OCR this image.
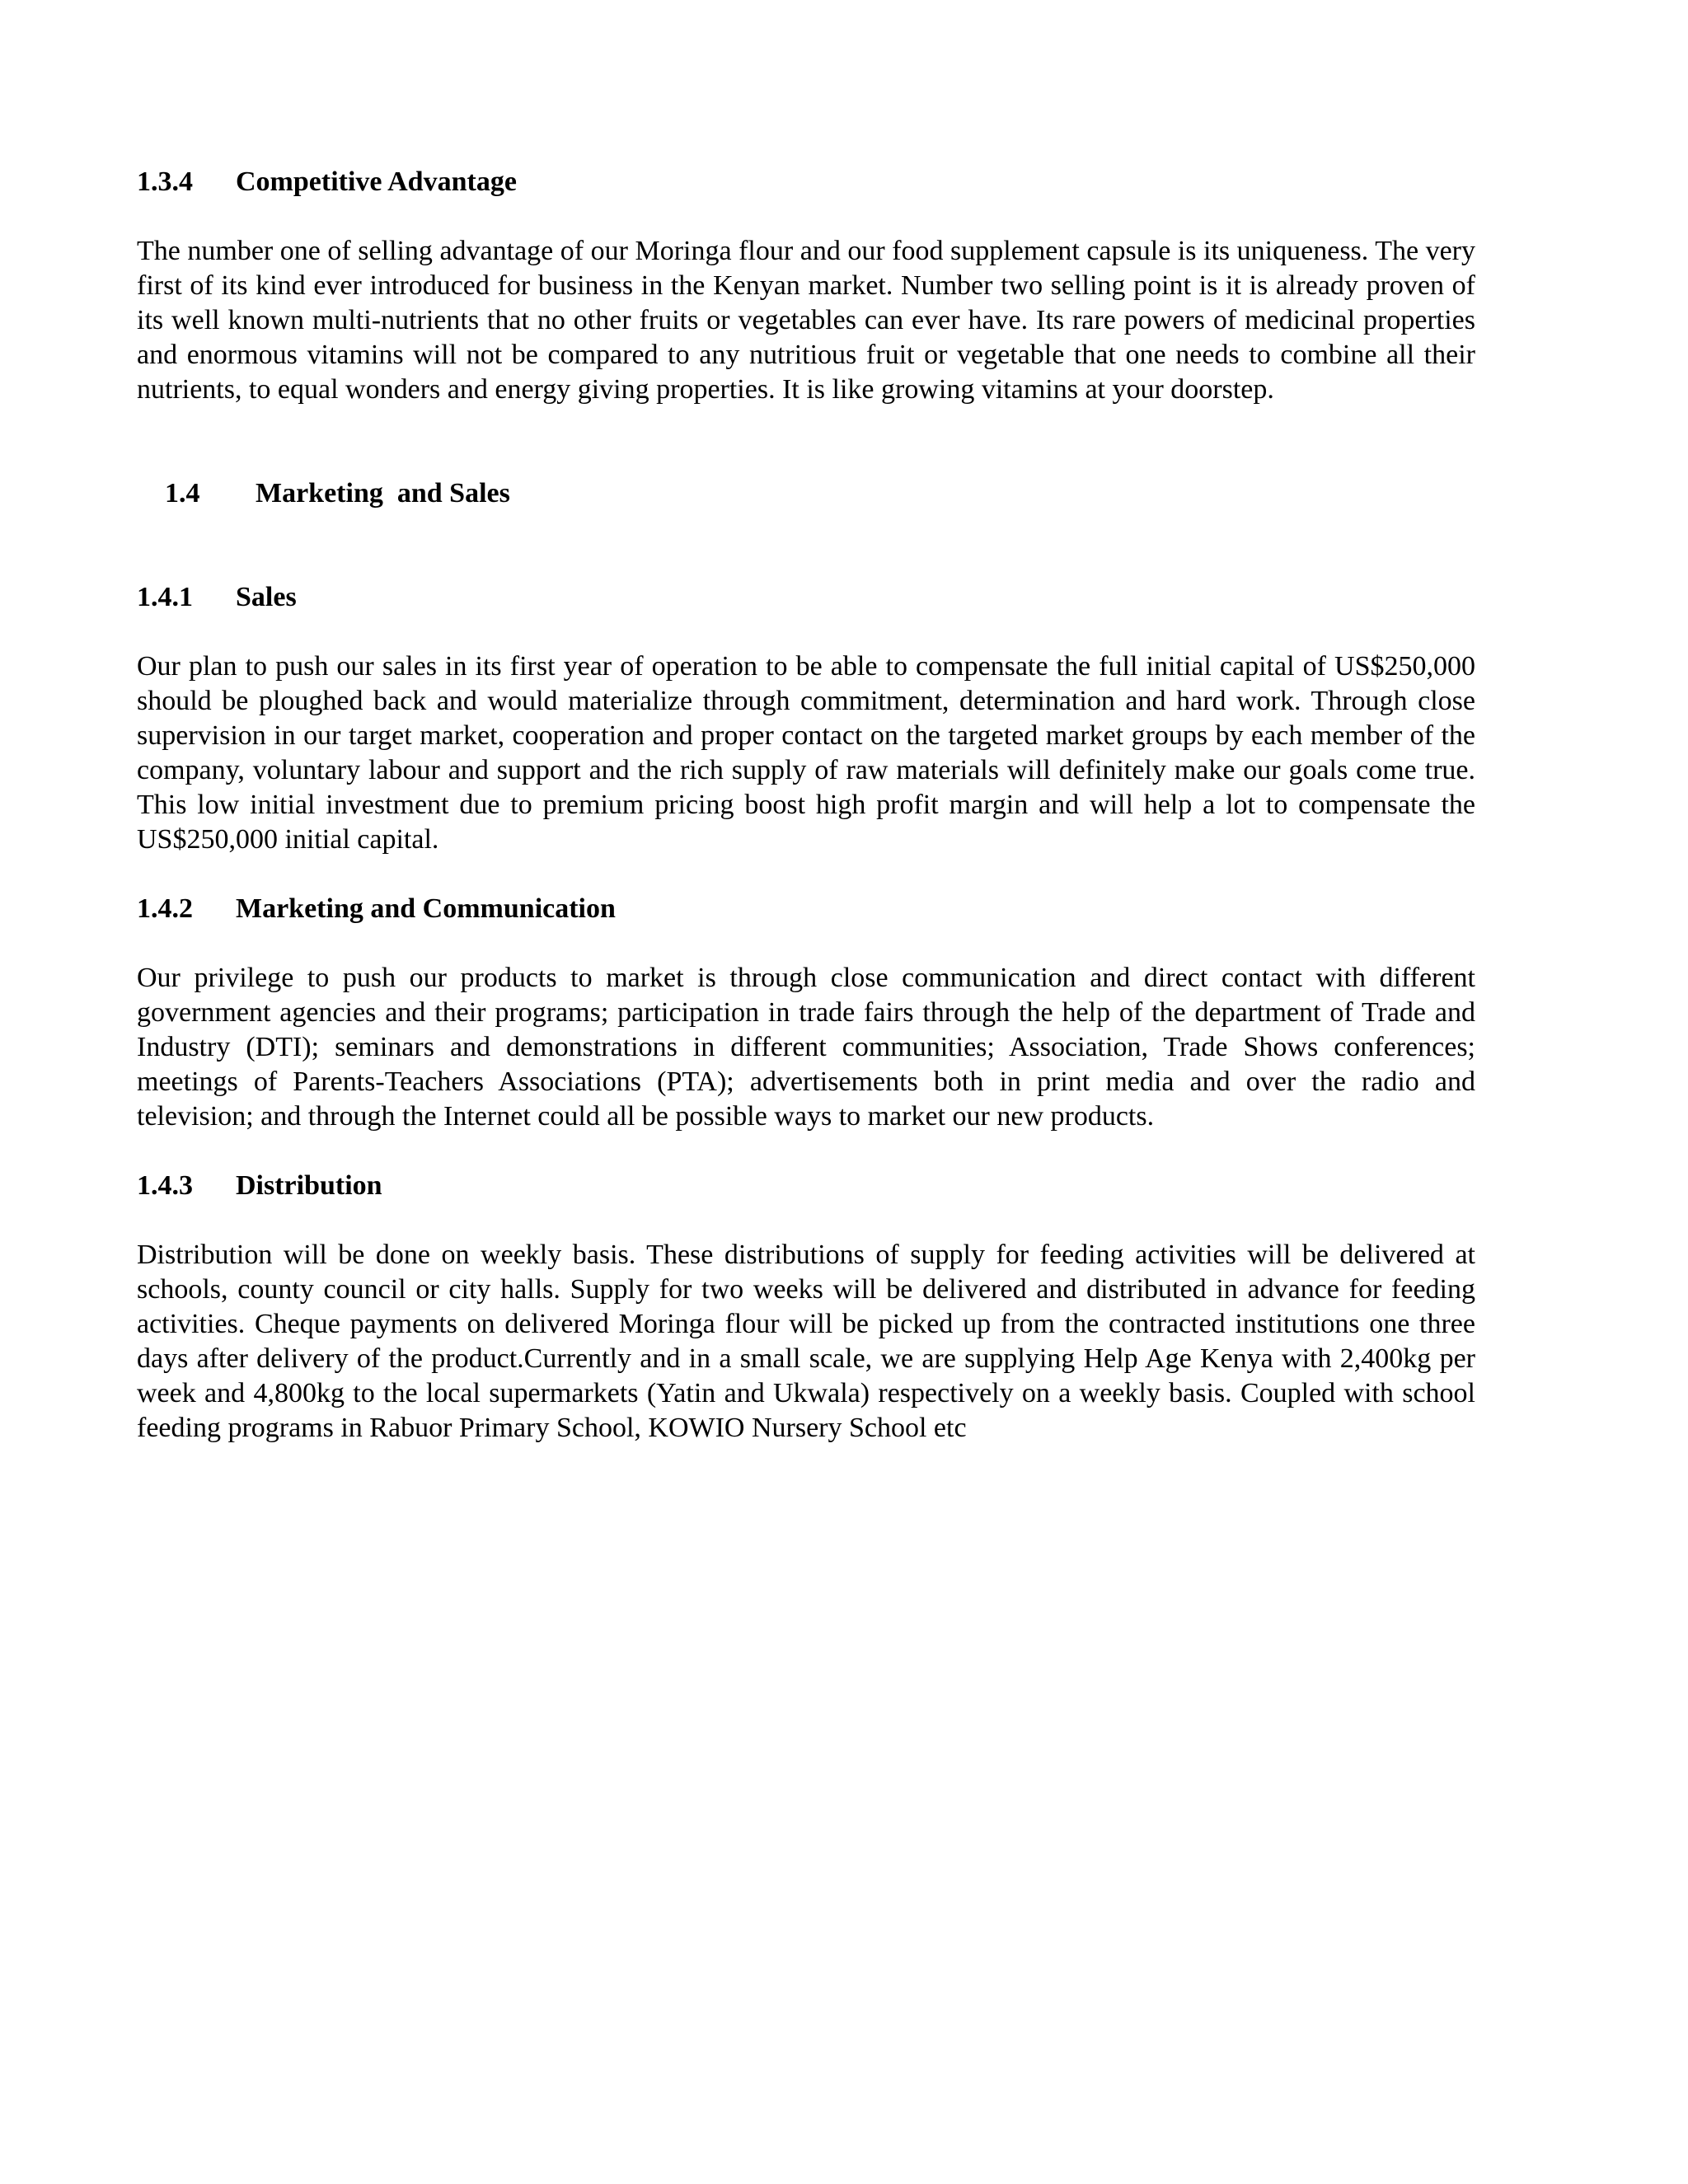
1.3.4 Competitive Advantage

The number one of selling advantage of our Moringa flour and our food supplement capsule is its uniqueness. The very first of its kind ever introduced for business in the Kenyan market. Number two selling point is it is already proven of its well known multi-nutrients that no other fruits or vegetables can ever have. Its rare powers of medicinal properties and enormous vitamins will not be compared to any nutritious fruit or vegetable that one needs to combine all their nutrients, to equal wonders and energy giving properties. It is like growing vitamins at your doorstep.

1.4 Marketing  and Sales

1.4.1 Sales

Our plan to push our sales in its first year of operation to be able to compensate the full initial capital of US$250,000 should be ploughed back and would materialize through commitment, determination and hard work. Through close supervision in our target market, cooperation and proper contact on the targeted market groups by each member of the company, voluntary labour and support and the rich supply of raw materials will definitely make our goals come true. This low initial investment due to premium pricing boost high profit margin and will help a lot to compensate the US$250,000 initial capital.

1.4.2 Marketing and Communication

Our privilege to push our products to market is through close communication and direct contact with different government agencies and their programs; participation in trade fairs through the help of the department of Trade and Industry (DTI); seminars and demonstrations in different communities; Association, Trade Shows conferences; meetings of Parents-Teachers Associations (PTA); advertisements both in print media and over the radio and television; and through the Internet could all be possible ways to market our new products.

1.4.3 Distribution

Distribution will be done on weekly basis. These distributions of supply for feeding activities will be delivered at schools, county council or city halls. Supply for two weeks will be delivered and distributed in advance for feeding activities. Cheque payments on delivered Moringa flour will be picked up from the contracted institutions one three days after delivery of the product.Currently and in a small scale, we are supplying Help Age Kenya with 2,400kg per week and 4,800kg to the local supermarkets (Yatin and Ukwala) respectively on a weekly basis. Coupled with school feeding programs in Rabuor Primary School, KOWIO Nursery School etc
